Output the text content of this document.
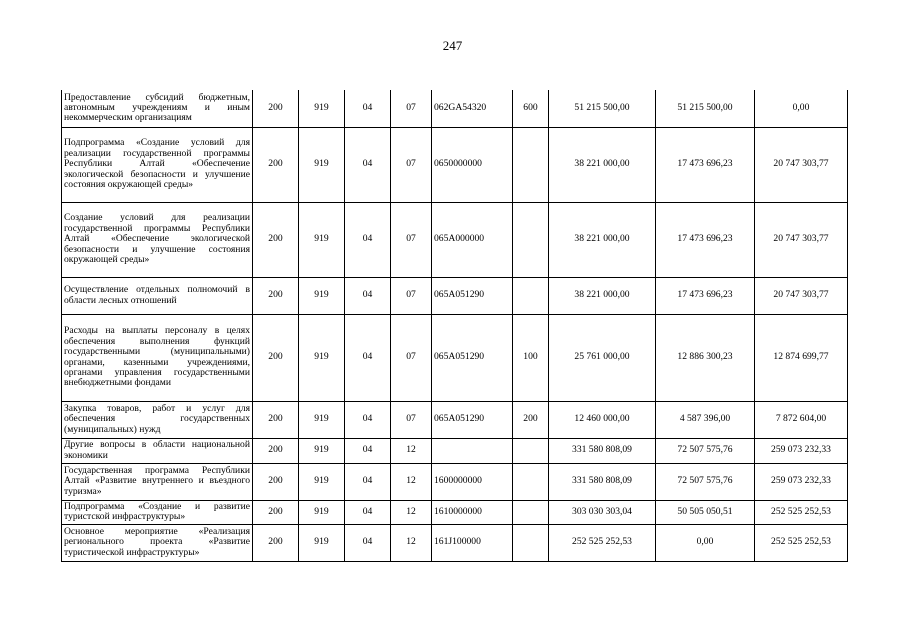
247
Предоставление субсидий бюджетным, автономным учреждениям и иным некоммерческим организациям	200	919	04	07	062GA54320	600	51 215 500,00	51 215 500,00	0,00
Подпрограмма «Создание условий для реализации государственной программы Республики Алтай «Обеспечение экологической безопасности и улучшение состояния окружающей среды»	200	919	04	07	0650000000		38 221 000,00	17 473 696,23	20 747 303,77
Создание условий для реализации государственной программы Республики Алтай «Обеспечение экологической безопасности и улучшение состояния окружающей среды»	200	919	04	07	065A000000		38 221 000,00	17 473 696,23	20 747 303,77
Осуществление отдельных полномочий в области лесных отношений	200	919	04	07	065A051290		38 221 000,00	17 473 696,23	20 747 303,77
Расходы на выплаты персоналу в целях обеспечения выполнения функций государственными (муниципальными) органами, казенными учреждениями, органами управления государственными внебюджетными фондами	200	919	04	07	065A051290	100	25 761 000,00	12 886 300,23	12 874 699,77
Закупка товаров, работ и услуг для обеспечения государственных (муниципальных) нужд	200	919	04	07	065A051290	200	12 460 000,00	4 587 396,00	7 872 604,00
Другие вопросы в области национальной экономики	200	919	04	12			331 580 808,09	72 507 575,76	259 073 232,33
Государственная программа Республики Алтай «Развитие внутреннего и въездного туризма»	200	919	04	12	1600000000		331 580 808,09	72 507 575,76	259 073 232,33
Подпрограмма «Создание и развитие туристской инфраструктуры»	200	919	04	12	1610000000		303 030 303,04	50 505 050,51	252 525 252,53
Основное мероприятие «Реализация регионального проекта «Развитие туристической инфраструктуры»	200	919	04	12	161J100000		252 525 252,53	0,00	252 525 252,53
